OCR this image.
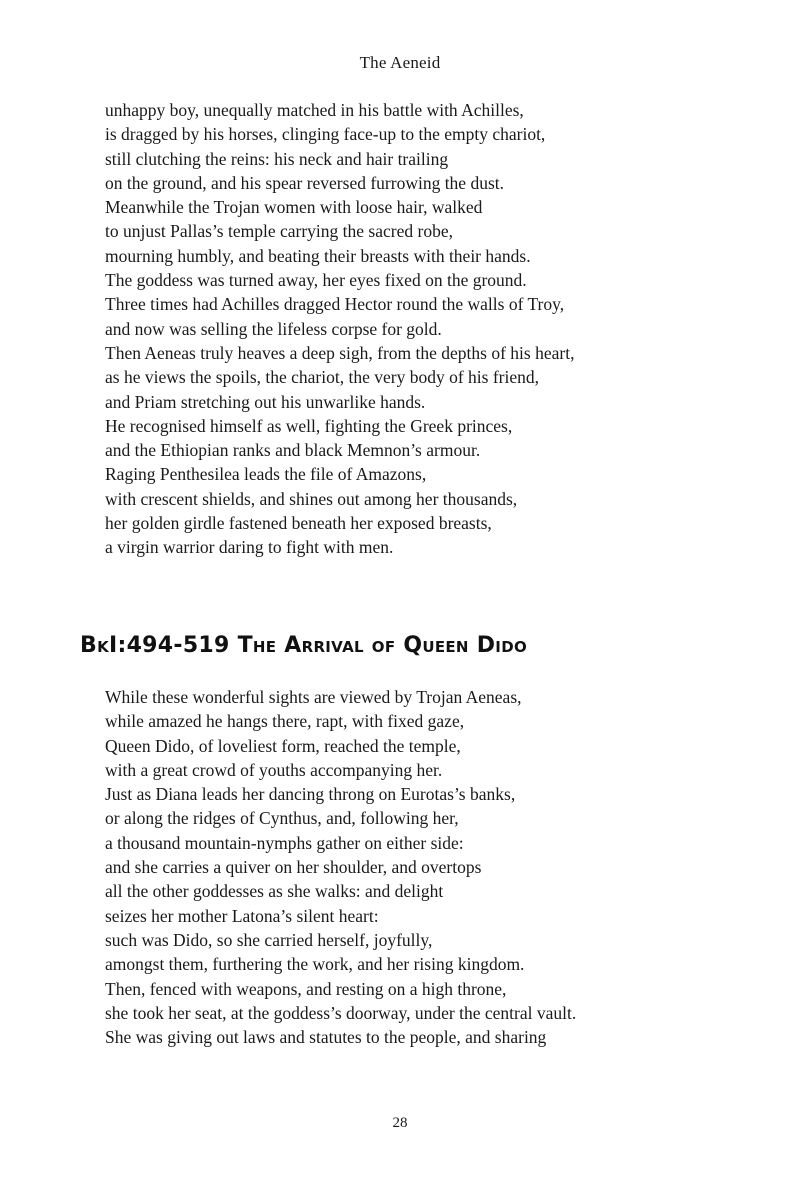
The Aeneid
unhappy boy, unequally matched in his battle with Achilles,
is dragged by his horses, clinging face-up to the empty chariot,
still clutching the reins: his neck and hair trailing
on the ground, and his spear reversed furrowing the dust.
Meanwhile the Trojan women with loose hair, walked
to unjust Pallas’s temple carrying the sacred robe,
mourning humbly, and beating their breasts with their hands.
The goddess was turned away, her eyes fixed on the ground.
Three times had Achilles dragged Hector round the walls of Troy,
and now was selling the lifeless corpse for gold.
Then Aeneas truly heaves a deep sigh, from the depths of his heart,
as he views the spoils, the chariot, the very body of his friend,
and Priam stretching out his unwarlike hands.
He recognised himself as well, fighting the Greek princes,
and the Ethiopian ranks and black Memnon’s armour.
Raging Penthesilea leads the file of Amazons,
with crescent shields, and shines out among her thousands,
her golden girdle fastened beneath her exposed breasts,
a virgin warrior daring to fight with men.
BkI:494-519 The Arrival of Queen Dido
While these wonderful sights are viewed by Trojan Aeneas,
while amazed he hangs there, rapt, with fixed gaze,
Queen Dido, of loveliest form, reached the temple,
with a great crowd of youths accompanying her.
Just as Diana leads her dancing throng on Eurotas’s banks,
or along the ridges of Cynthus, and, following her,
a thousand mountain-nymphs gather on either side:
and she carries a quiver on her shoulder, and overtops
all the other goddesses as she walks: and delight
seizes her mother Latona’s silent heart:
such was Dido, so she carried herself, joyfully,
amongst them, furthering the work, and her rising kingdom.
Then, fenced with weapons, and resting on a high throne,
she took her seat, at the goddess’s doorway, under the central vault.
She was giving out laws and statutes to the people, and sharing
28
